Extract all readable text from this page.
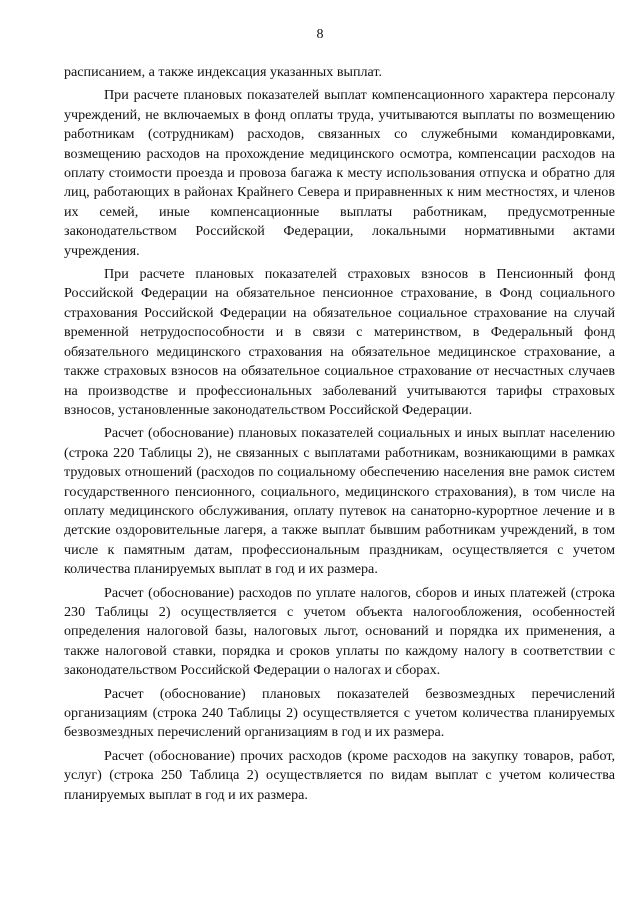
8

расписанием, а также индексация указанных выплат.

При расчете плановых показателей выплат компенсационного характера персоналу учреждений, не включаемых в фонд оплаты труда, учитываются выплаты по возмещению работникам (сотрудникам) расходов, связанных со служебными командировками, возмещению расходов на прохождение медицинского осмотра, компенсации расходов на оплату стоимости проезда и провоза багажа к месту использования отпуска и обратно для лиц, работающих в районах Крайнего Севера и приравненных к ним местностях, и членов их семей, иные компенсационные выплаты работникам, предусмотренные законодательством Российской Федерации, локальными нормативными актами учреждения.

При расчете плановых показателей страховых взносов в Пенсионный фонд Российской Федерации на обязательное пенсионное страхование, в Фонд социального страхования Российской Федерации на обязательное социальное страхование на случай временной нетрудоспособности и в связи с материнством, в Федеральный фонд обязательного медицинского страхования на обязательное медицинское страхование, а также страховых взносов на обязательное социальное страхование от несчастных случаев на производстве и профессиональных заболеваний учитываются тарифы страховых взносов, установленные законодательством Российской Федерации.

Расчет (обоснование) плановых показателей социальных и иных выплат населению (строка 220 Таблицы 2), не связанных с выплатами работникам, возникающими в рамках трудовых отношений (расходов по социальному обеспечению населения вне рамок систем государственного пенсионного, социального, медицинского страхования), в том числе на оплату медицинского обслуживания, оплату путевок на санаторно-курортное лечение и в детские оздоровительные лагеря, а также выплат бывшим работникам учреждений, в том числе к памятным датам, профессиональным праздникам, осуществляется с учетом количества планируемых выплат в год и их размера.

Расчет (обоснование) расходов по уплате налогов, сборов и иных платежей (строка 230 Таблицы 2) осуществляется с учетом объекта налогообложения, особенностей определения налоговой базы, налоговых льгот, оснований и порядка их применения, а также налоговой ставки, порядка и сроков уплаты по каждому налогу в соответствии с законодательством Российской Федерации о налогах и сборах.

Расчет (обоснование) плановых показателей безвозмездных перечислений организациям (строка 240 Таблицы 2) осуществляется с учетом количества планируемых безвозмездных перечислений организациям в год и их размера.

Расчет (обоснование) прочих расходов (кроме расходов на закупку товаров, работ, услуг) (строка 250 Таблица 2) осуществляется по видам выплат с учетом количества планируемых выплат в год и их размера.
